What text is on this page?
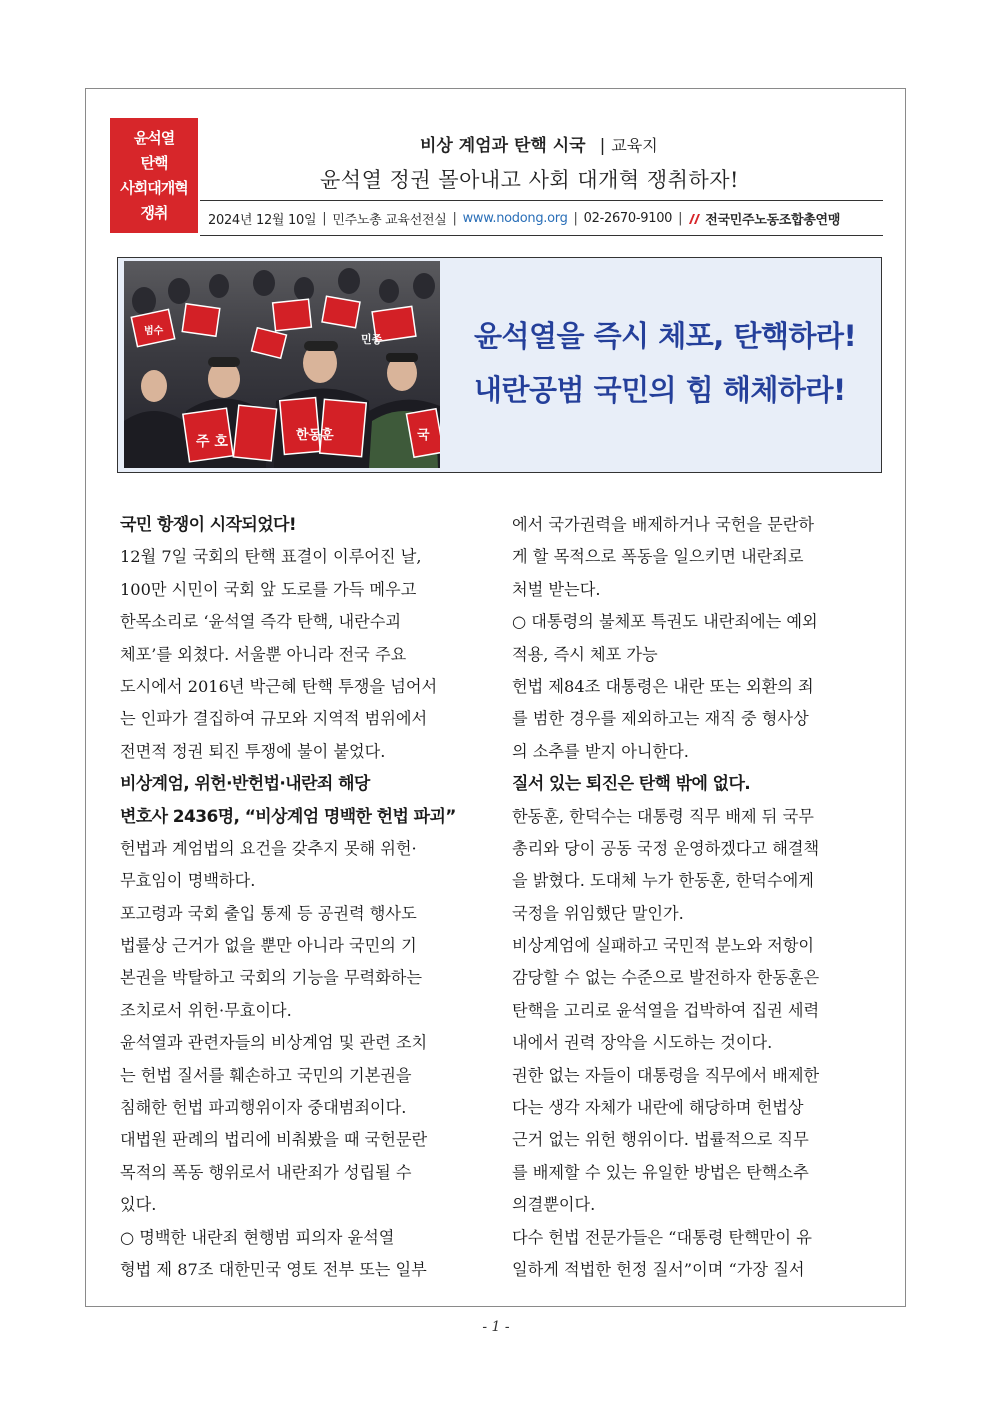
윤석열
탄핵
사회대개혁
쟁취
비상 계엄과 탄핵 시국 | 교육지
윤석열 정권 몰아내고 사회 대개혁 쟁취하자!
2024년 12월 10일 | 민주노총 교육선전실 | www.nodong.org | 02-2670-9100 | 전국민주노동조합총연맹
범수
민종
주 호	한동훈	국
윤석열을 즉시 체포, 탄핵하라!
내란공범 국민의 힘 해체하라!
국민 항쟁이 시작되었다!
12월 7일 국회의 탄핵 표결이 이루어진 날,
100만 시민이 국회 앞 도로를 가득 메우고
한목소리로 ‘윤석열 즉각 탄핵, 내란수괴
체포’를 외쳤다. 서울뿐 아니라 전국 주요
도시에서 2016년 박근혜 탄핵 투쟁을 넘어서
는 인파가 결집하여 규모와 지역적 범위에서
전면적 정권 퇴진 투쟁에 불이 붙었다.
비상계엄, 위헌·반헌법·내란죄 해당
변호사 2436명, “비상계엄 명백한 헌법 파괴”
헌법과 계엄법의 요건을 갖추지 못해 위헌·
무효임이 명백하다.
포고령과 국회 출입 통제 등 공권력 행사도
법률상 근거가 없을 뿐만 아니라 국민의 기
본권을 박탈하고 국회의 기능을 무력화하는
조치로서 위헌·무효이다.
윤석열과 관련자들의 비상계엄 및 관련 조치
는 헌법 질서를 훼손하고 국민의 기본권을
침해한 헌법 파괴행위이자 중대범죄이다.
대법원 판례의 법리에 비춰봤을 때 국헌문란
목적의 폭동 행위로서 내란죄가 성립될 수
있다.
○ 명백한 내란죄 현행범 피의자 윤석열
형법 제 87조 대한민국 영토 전부 또는 일부
에서 국가권력을 배제하거나 국헌을 문란하
게 할 목적으로 폭동을 일으키면 내란죄로
처벌 받는다.
○ 대통령의 불체포 특권도 내란죄에는 예외
적용, 즉시 체포 가능
헌법 제84조 대통령은 내란 또는 외환의 죄
를 범한 경우를 제외하고는 재직 중 형사상
의 소추를 받지 아니한다.
질서 있는 퇴진은 탄핵 밖에 없다.
한동훈, 한덕수는 대통령 직무 배제 뒤 국무
총리와 당이 공동 국정 운영하겠다고 해결책
을 밝혔다. 도대체 누가 한동훈, 한덕수에게
국정을 위임했단 말인가.
비상계엄에 실패하고 국민적 분노와 저항이
감당할 수 없는 수준으로 발전하자 한동훈은
탄핵을 고리로 윤석열을 겁박하여 집권 세력
내에서 권력 장악을 시도하는 것이다.
권한 없는 자들이 대통령을 직무에서 배제한
다는 생각 자체가 내란에 해당하며 헌법상
근거 없는 위헌 행위이다. 법률적으로 직무
를 배제할 수 있는 유일한 방법은 탄핵소추
의결뿐이다.
다수 헌법 전문가들은 “대통령 탄핵만이 유
일하게 적법한 헌정 질서”이며 “가장 질서
- 1 -
